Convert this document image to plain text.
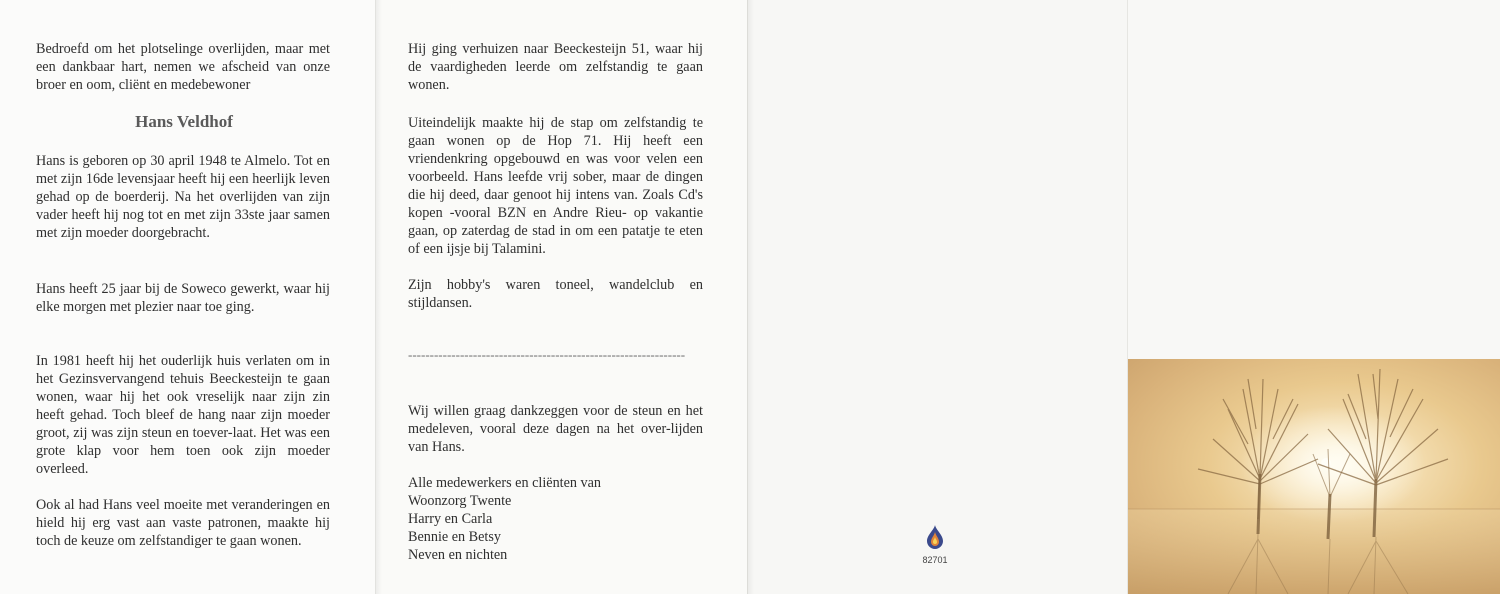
Bedroefd om het plotselinge overlijden, maar met een dankbaar hart, nemen we afscheid van onze broer en oom, cliënt en medebewoner

Hans Veldhof

Hans is geboren op 30 april 1948 te Almelo. Tot en met zijn 16de levensjaar heeft hij een heerlijk leven gehad op de boerderij. Na het overlijden van zijn vader heeft hij nog tot en met zijn 33ste jaar samen met zijn moeder doorgebracht.

Hans heeft 25 jaar bij de Soweco gewerkt, waar hij elke morgen met plezier naar toe ging.

In 1981 heeft hij het ouderlijk huis verlaten om in het Gezinsvervangend tehuis Beeckesteijn te gaan wonen, waar hij het ook vreselijk naar zijn zin heeft gehad. Toch bleef de hang naar zijn moeder groot, zij was zijn steun en toever-laat. Het was een grote klap voor hem toen ook zijn moeder overleed.

Ook al had Hans veel moeite met veranderingen en hield hij erg vast aan vaste patronen, maakte hij toch de keuze om zelfstandiger te gaan wonen.

Hij ging verhuizen naar Beeckesteijn 51, waar hij de vaardigheden leerde om zelfstandig te gaan wonen.

Uiteindelijk maakte hij de stap om zelfstandig te gaan wonen op de Hop 71. Hij heeft een vriendenkring opgebouwd en was voor velen een voorbeeld. Hans leefde vrij sober, maar de dingen die hij deed, daar genoot hij intens van. Zoals Cd's kopen -vooral BZN en Andre Rieu- op vakantie gaan, op zaterdag de stad in om een patatje te eten of een ijsje bij Talamini.

Zijn hobby's waren toneel, wandelclub en stijldansen.

----------------------------------------------------------------

Wij willen graag dankzeggen voor de steun en het medeleven, vooral deze dagen na het over-lijden van Hans.

Alle medewerkers en cliënten van
Woonzorg Twente
Harry en Carla
Bennie en Betsy
Neven en nichten	82701
